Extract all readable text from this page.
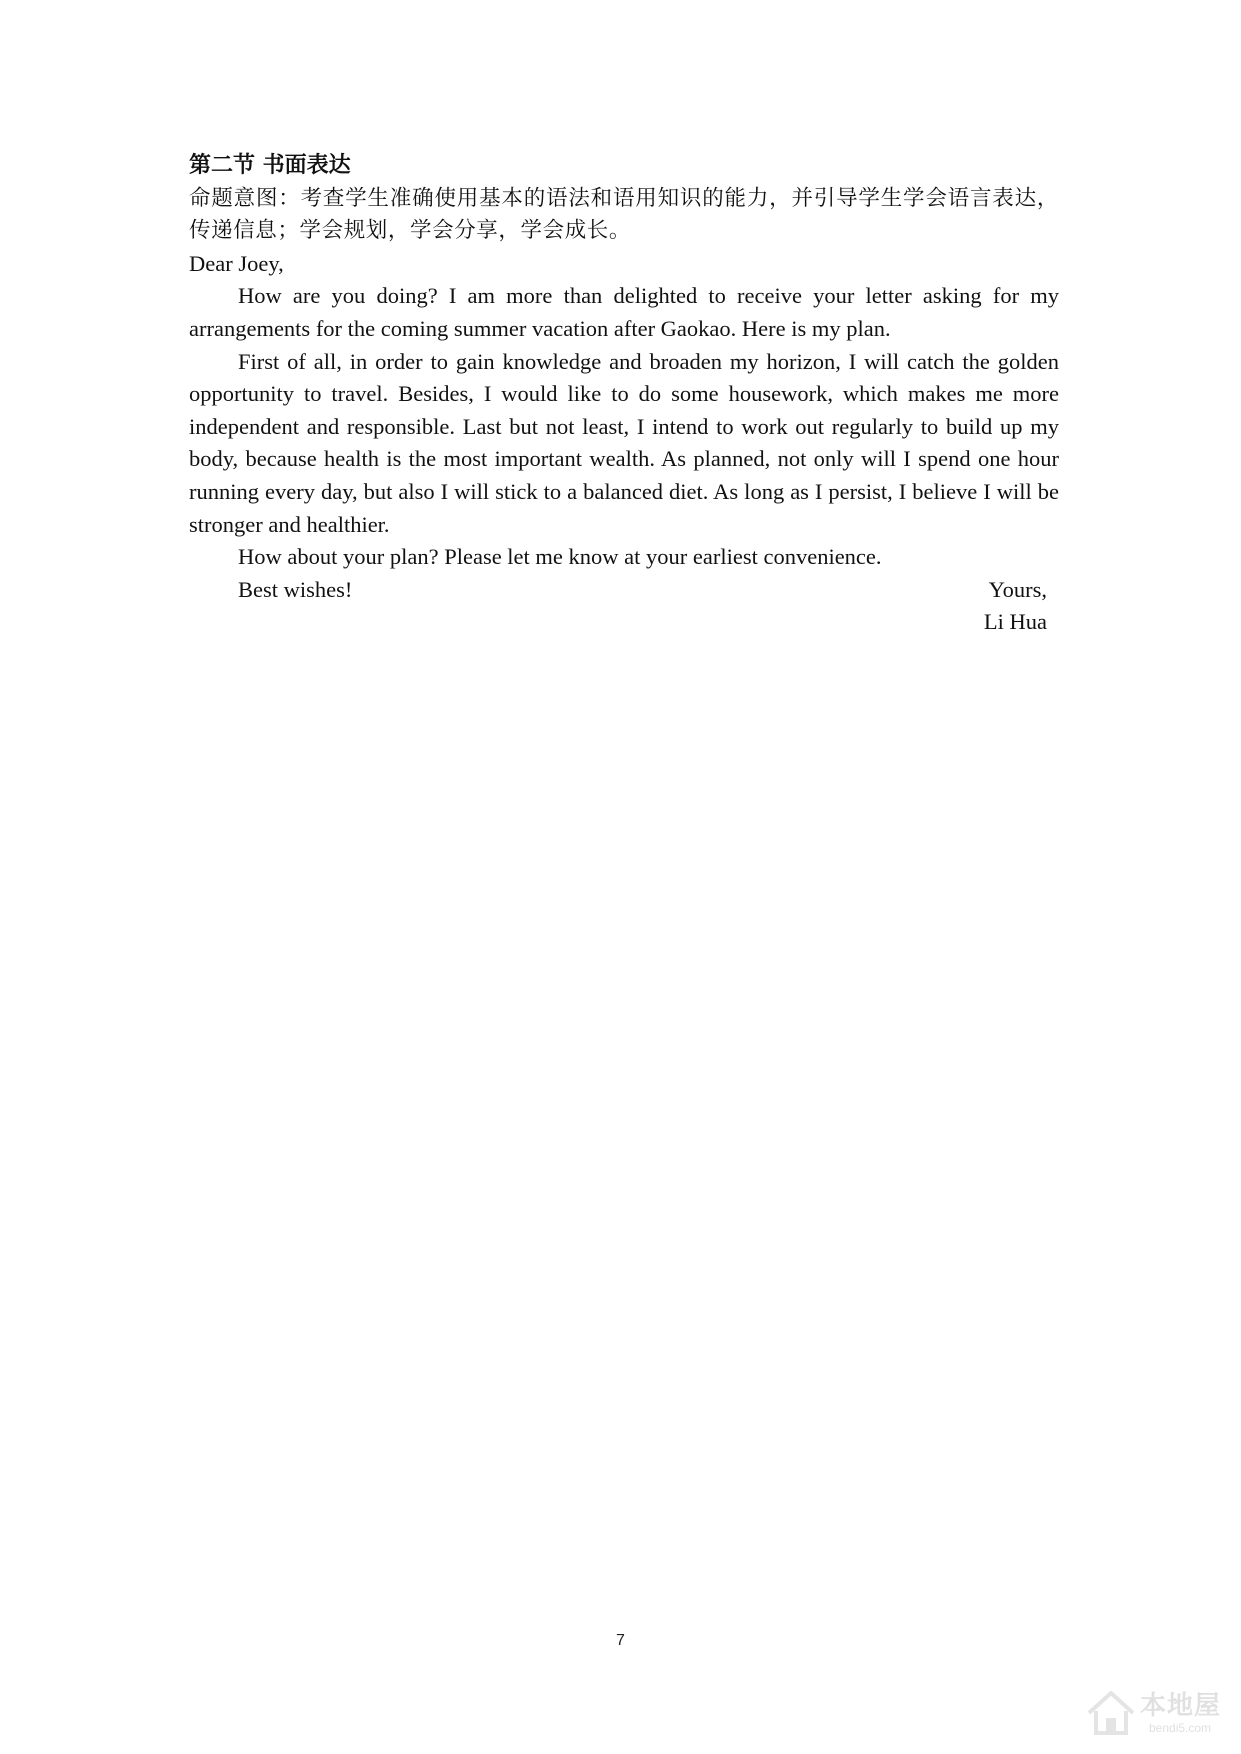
第二节 书面表达

命题意图：考查学生准确使用基本的语法和语用知识的能力，并引导学生学会语言表达，传递信息；学会规划，学会分享，学会成长。

Dear Joey,

How are you doing? I am more than delighted to receive your letter asking for my arrangements for the coming summer vacation after Gaokao. Here is my plan.

First of all, in order to gain knowledge and broaden my horizon, I will catch the golden opportunity to travel. Besides, I would like to do some housework, which makes me more independent and responsible. Last but not least, I intend to work out regularly to build up my body, because health is the most important wealth. As planned, not only will I spend one hour running every day, but also I will stick to a balanced diet. As long as I persist, I believe I will be stronger and healthier.

How about your plan? Please let me know at your earliest convenience.

Best wishes!	Yours,
Li Hua
7
本地屋
bendi5.com
